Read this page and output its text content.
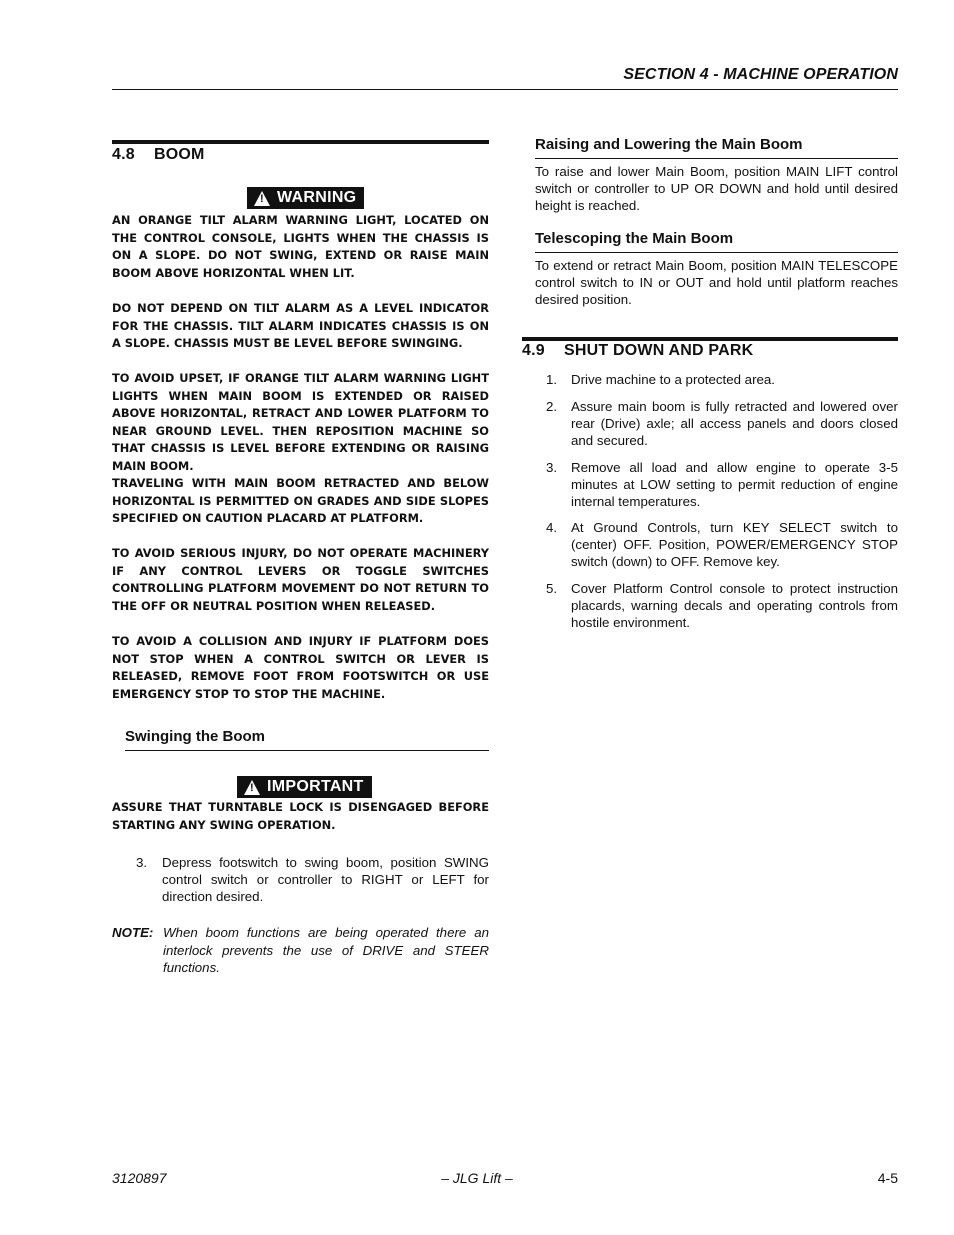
SECTION 4 - MACHINE OPERATION
4.8 BOOM
!
WARNING
AN ORANGE TILT ALARM WARNING LIGHT, LOCATED ON THE CONTROL CONSOLE, LIGHTS WHEN THE CHASSIS IS ON A SLOPE. DO NOT SWING, EXTEND OR RAISE MAIN BOOM ABOVE HORIZONTAL WHEN LIT.
DO NOT DEPEND ON TILT ALARM AS A LEVEL INDICATOR FOR THE CHASSIS. TILT ALARM INDICATES CHASSIS IS ON A SLOPE. CHASSIS MUST BE LEVEL BEFORE SWINGING.
TO AVOID UPSET, IF ORANGE TILT ALARM WARNING LIGHT LIGHTS WHEN MAIN BOOM IS EXTENDED OR RAISED ABOVE HORIZONTAL, RETRACT AND LOWER PLATFORM TO NEAR GROUND LEVEL. THEN REPOSITION MACHINE SO THAT CHASSIS IS LEVEL BEFORE EXTENDING OR RAISING MAIN BOOM.
TRAVELING WITH MAIN BOOM RETRACTED AND BELOW HORIZONTAL IS PERMITTED ON GRADES AND SIDE SLOPES SPECIFIED ON CAUTION PLACARD AT PLATFORM.
TO AVOID SERIOUS INJURY, DO NOT OPERATE MACHINERY IF ANY CONTROL LEVERS OR TOGGLE SWITCHES CONTROLLING PLATFORM MOVEMENT DO NOT RETURN TO THE OFF OR NEUTRAL POSITION WHEN RELEASED.
TO AVOID A COLLISION AND INJURY IF PLATFORM DOES NOT STOP WHEN A CONTROL SWITCH OR LEVER IS RELEASED, REMOVE FOOT FROM FOOTSWITCH OR USE EMERGENCY STOP TO STOP THE MACHINE.
Swinging the Boom
!
IMPORTANT
ASSURE THAT TURNTABLE LOCK IS DISENGAGED BEFORE STARTING ANY SWING OPERATION.
3. Depress footswitch to swing boom, position SWING control switch or controller to RIGHT or LEFT for direction desired.
NOTE: When boom functions are being operated there an interlock prevents the use of DRIVE and STEER functions.
Raising and Lowering the Main Boom
To raise and lower Main Boom, position MAIN LIFT control switch or controller to UP OR DOWN and hold until desired height is reached.
Telescoping the Main Boom
To extend or retract Main Boom, position MAIN TELESCOPE control switch to IN or OUT and hold until platform reaches desired position.
4.9 SHUT DOWN AND PARK
1. Drive machine to a protected area.
2. Assure main boom is fully retracted and lowered over rear (Drive) axle; all access panels and doors closed and secured.
3. Remove all load and allow engine to operate 3-5 minutes at LOW setting to permit reduction of engine internal temperatures.
4. At Ground Controls, turn KEY SELECT switch to (center) OFF. Position, POWER/EMERGENCY STOP switch (down) to OFF. Remove key.
5. Cover Platform Control console to protect instruction placards, warning decals and operating controls from hostile environment.
3120897	– JLG Lift –	4-5
